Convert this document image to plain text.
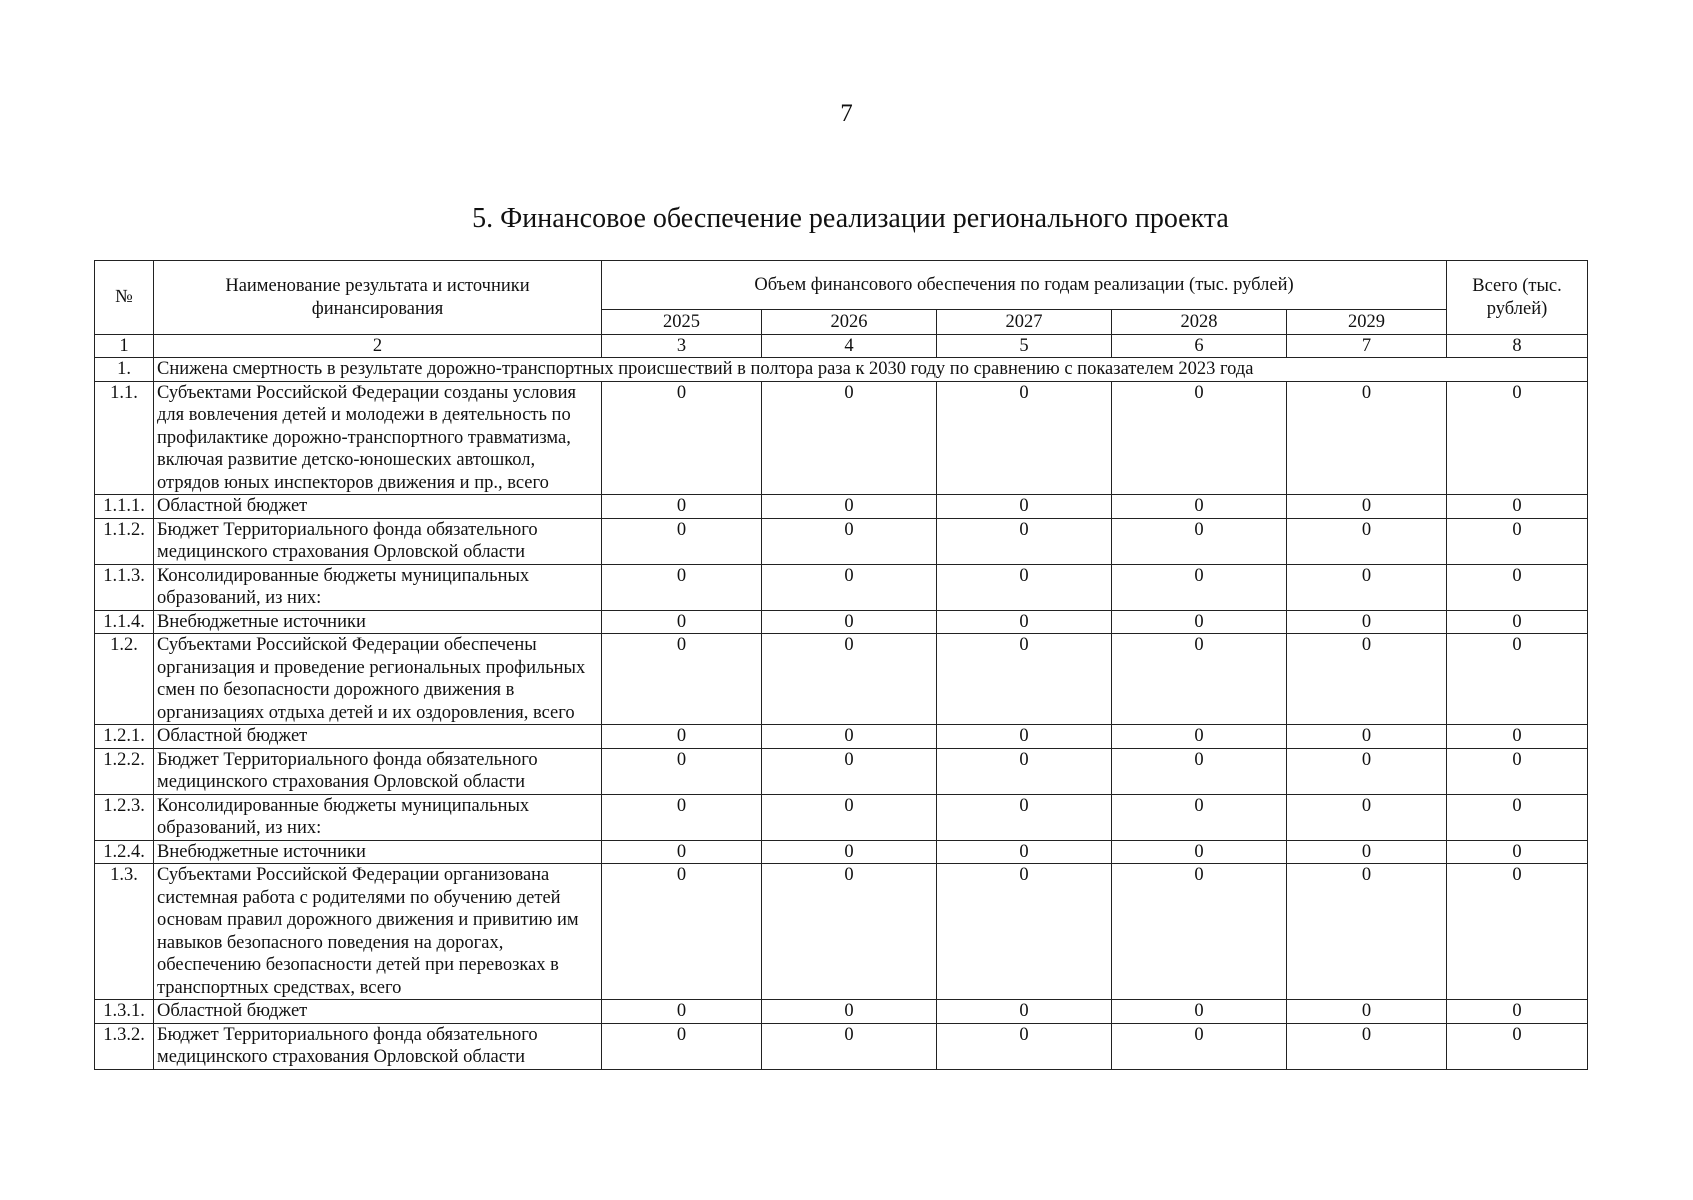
7
5. Финансовое обеспечение реализации регионального проекта
№	Наименование результата и источники финансирования	Объем финансового обеспечения по годам реализации (тыс. рублей)					Всего (тыс. рублей)
		2025	2026	2027	2028	2029	
1	2	3	4	5	6	7	8
1.	Снижена смертность в результате дорожно-транспортных происшествий в полтора раза к 2030 году по сравнению с показателем 2023 года						
1.1.	Субъектами Российской Федерации созданы условия для вовлечения детей и молодежи в деятельность по профилактике дорожно-транспортного травматизма, включая развитие детско-юношеских автошкол, отрядов юных инспекторов движения и пр., всего	0	0	0	0	0	0
1.1.1.	Областной бюджет	0	0	0	0	0	0
1.1.2.	Бюджет Территориального фонда обязательного медицинского страхования Орловской области	0	0	0	0	0	0
1.1.3.	Консолидированные бюджеты муниципальных образований, из них:	0	0	0	0	0	0
1.1.4.	Внебюджетные источники	0	0	0	0	0	0
1.2.	Субъектами Российской Федерации обеспечены организация и проведение региональных профильных смен по безопасности дорожного движения в организациях отдыха детей и их оздоровления, всего	0	0	0	0	0	0
1.2.1.	Областной бюджет	0	0	0	0	0	0
1.2.2.	Бюджет Территориального фонда обязательного медицинского страхования Орловской области	0	0	0	0	0	0
1.2.3.	Консолидированные бюджеты муниципальных образований, из них:	0	0	0	0	0	0
1.2.4.	Внебюджетные источники	0	0	0	0	0	0
1.3.	Субъектами Российской Федерации организована системная работа с родителями по обучению детей основам правил дорожного движения и привитию им навыков безопасного поведения на дорогах, обеспечению безопасности детей при перевозках в транспортных средствах, всего	0	0	0	0	0	0
1.3.1.	Областной бюджет	0	0	0	0	0	0
1.3.2.	Бюджет Территориального фонда обязательного медицинского страхования Орловской области	0	0	0	0	0	0
